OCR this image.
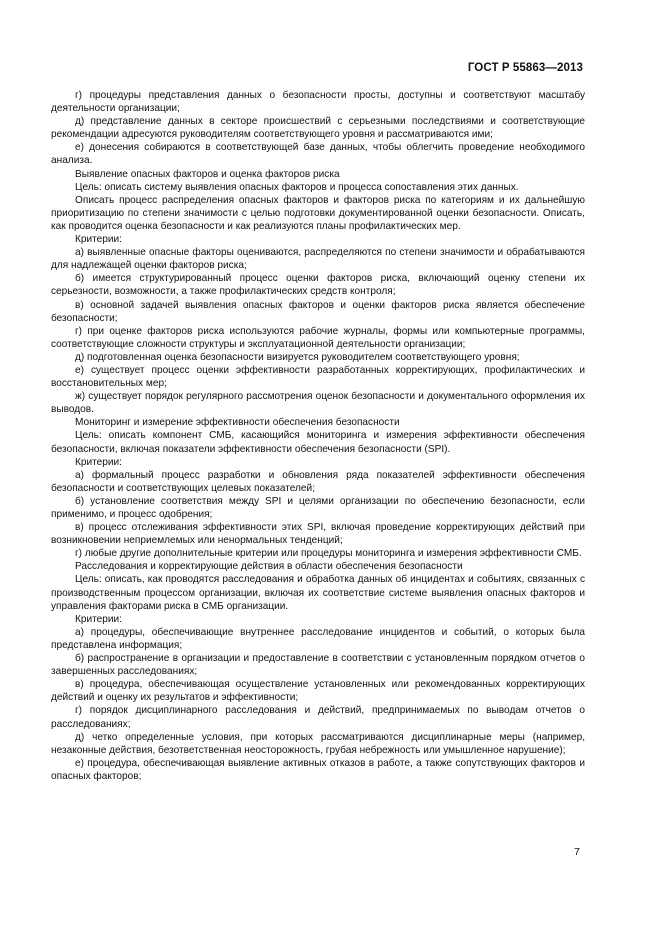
ГОСТ Р 55863—2013

г) процедуры представления данных о безопасности просты, доступны и соответствуют масштабу деятельности организации;

д) представление данных в секторе происшествий с серьезными последствиями и соответствующие рекомендации адресуются руководителям соответствующего уровня и рассматриваются ими;

е) донесения собираются в соответствующей базе данных, чтобы облегчить проведение необходимого анализа.

Выявление опасных факторов и оценка факторов риска

Цель: описать систему выявления опасных факторов и процесса сопоставления этих данных.

Описать процесс распределения опасных факторов и факторов риска по категориям и их дальнейшую приоритизацию по степени значимости с целью подготовки документированной оценки безопасности. Описать, как проводится оценка безопасности и как реализуются планы профилактических мер.

Критерии:

а) выявленные опасные факторы оцениваются, распределяются по степени значимости и обрабатываются для надлежащей оценки факторов риска;

б) имеется структурированный процесс оценки факторов риска, включающий оценку степени их серьезности, возможности, а также профилактических средств контроля;

в) основной задачей выявления опасных факторов и оценки факторов риска является обеспечение безопасности;

г) при оценке факторов риска используются рабочие журналы, формы или компьютерные программы, соответствующие сложности структуры и эксплуатационной деятельности организации;

д) подготовленная оценка безопасности визируется руководителем соответствующего уровня;

е) существует процесс оценки эффективности разработанных корректирующих, профилактических и восстановительных мер;

ж) существует порядок регулярного рассмотрения оценок безопасности и документального оформления их выводов.

Мониторинг и измерение эффективности обеспечения безопасности

Цель: описать компонент СМБ, касающийся мониторинга и измерения эффективности обеспечения безопасности, включая показатели эффективности обеспечения безопасности (SPI).

Критерии:

а) формальный процесс разработки и обновления ряда показателей эффективности обеспечения безопасности и соответствующих целевых показателей;

б) установление соответствия между SPI и целями организации по обеспечению безопасности, если применимо, и процесс одобрения;

в) процесс отслеживания эффективности этих SPI, включая проведение корректирующих действий при возникновении неприемлемых или ненормальных тенденций;

г) любые другие дополнительные критерии или процедуры мониторинга и измерения эффективности СМБ.

Расследования и корректирующие действия в области обеспечения безопасности

Цель: описать, как проводятся расследования и обработка данных об инцидентах и событиях, связанных с производственным процессом организации, включая их соответствие системе выявления опасных факторов и управления факторами риска в СМБ организации.

Критерии:

а) процедуры, обеспечивающие внутреннее расследование инцидентов и событий, о которых была представлена информация;

б) распространение в организации и предоставление в соответствии с установленным порядком отчетов о завершенных расследованиях;

в) процедура, обеспечивающая осуществление установленных или рекомендованных корректирующих действий и оценку их результатов и эффективности;

г) порядок дисциплинарного расследования и действий, предпринимаемых по выводам отчетов о расследованиях;

д) четко определенные условия, при которых рассматриваются дисциплинарные меры (например, незаконные действия, безответственная неосторожность, грубая небрежность или умышленное нарушение);

е) процедура, обеспечивающая выявление активных отказов в работе, а также сопутствующих факторов и опасных факторов;

7
